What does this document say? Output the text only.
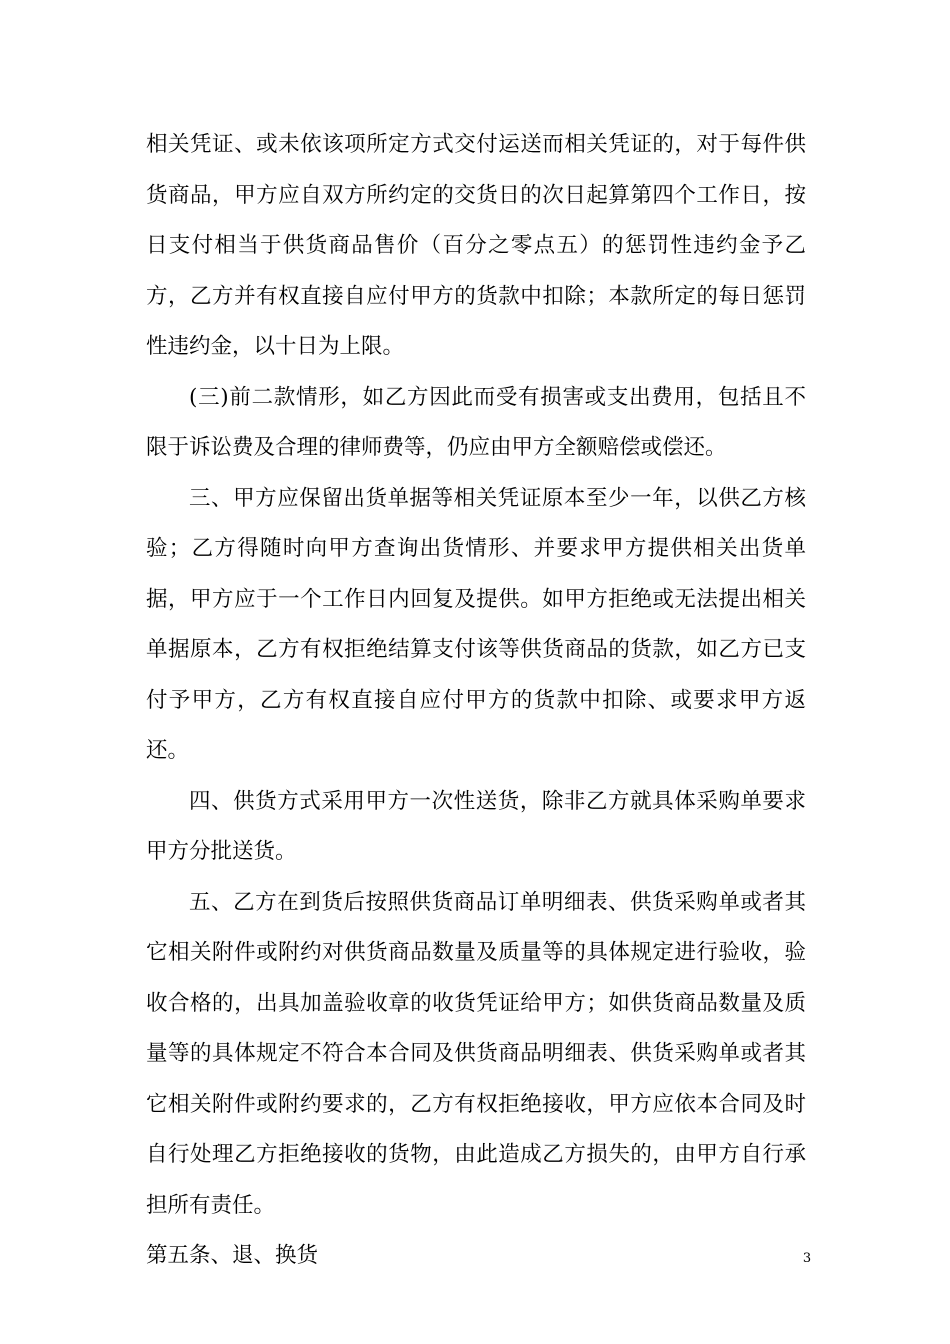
相关凭证、或未依该项所定方式交付运送而相关凭证的，对于每件供货商品，甲方应自双方所约定的交货日的次日起算第四个工作日，按日支付相当于供货商品售价（百分之零点五）的惩罚性违约金予乙方，乙方并有权直接自应付甲方的货款中扣除；本款所定的每日惩罚性违约金，以十日为上限。

(三)前二款情形，如乙方因此而受有损害或支出费用，包括且不限于诉讼费及合理的律师费等，仍应由甲方全额赔偿或偿还。

三、甲方应保留出货单据等相关凭证原本至少一年，以供乙方核验；乙方得随时向甲方查询出货情形、并要求甲方提供相关出货单据，甲方应于一个工作日内回复及提供。如甲方拒绝或无法提出相关单据原本，乙方有权拒绝结算支付该等供货商品的货款，如乙方已支付予甲方，乙方有权直接自应付甲方的货款中扣除、或要求甲方返还。

四、供货方式采用甲方一次性送货，除非乙方就具体采购单要求甲方分批送货。

五、乙方在到货后按照供货商品订单明细表、供货采购单或者其它相关附件或附约对供货商品数量及质量等的具体规定进行验收，验收合格的，出具加盖验收章的收货凭证给甲方；如供货商品数量及质量等的具体规定不符合本合同及供货商品明细表、供货采购单或者其它相关附件或附约要求的，乙方有权拒绝接收，甲方应依本合同及时自行处理乙方拒绝接收的货物，由此造成乙方损失的，由甲方自行承担所有责任。

第五条、退、换货	3
